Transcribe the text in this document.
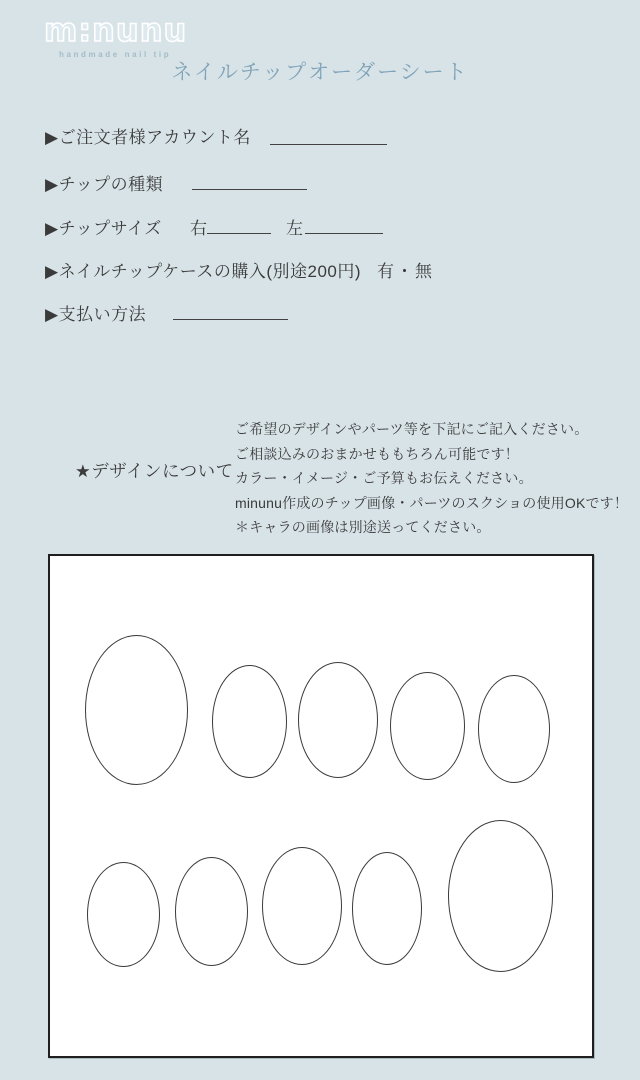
m:nunu
handmade nail tip
ネイルチップオーダーシート
▶ご注文者様アカウント名
▶チップの種類
▶チップサイズ 右	左
▶ネイルチップケースの購入(別途200円) 有・無
▶支払い方法
★デザインについて
ご希望のデザインやパーツ等を下記にご記入ください。
ご相談込みのおまかせももちろん可能です！
カラー・イメージ・ご予算もお伝えください。
minunu作成のチップ画像・パーツのスクショの使用OKです！
＊キャラの画像は別途送ってください。
